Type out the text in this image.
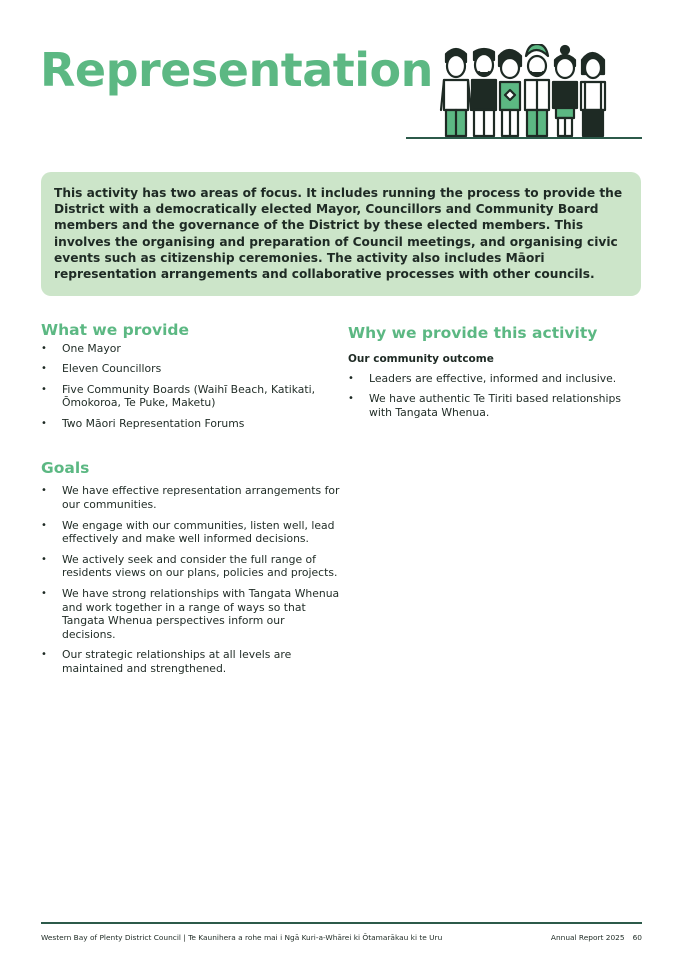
Representation
This activity has two areas of focus. It includes running the process to provide the District with a democratically elected Mayor, Councillors and Community Board members and the governance of the District by these elected members. This involves the organising and preparation of Council meetings, and organising civic events such as citizenship ceremonies. The activity also includes Māori representation arrangements and collaborative processes with other councils.
What we provide
• One Mayor
• Eleven Councillors
• Five Community Boards (Waihī Beach, Katikati, Ōmokoroa, Te Puke, Maketu)
• Two Māori Representation Forums
Goals
• We have effective representation arrangements for our communities.
• We engage with our communities, listen well, lead effectively and make well informed decisions.
• We actively seek and consider the full range of residents views on our plans, policies and projects.
• We have strong relationships with Tangata Whenua and work together in a range of ways so that Tangata Whenua perspectives inform our decisions.
• Our strategic relationships at all levels are maintained and strengthened.
Why we provide this activity
Our community outcome
• Leaders are effective, informed and inclusive.
• We have authentic Te Tiriti based relationships with Tangata Whenua.
Western Bay of Plenty District Council | Te Kaunihera a rohe mai i Ngā Kuri-a-Whārei ki Ōtamarākau ki te Uru	Annual Report 2025 60
